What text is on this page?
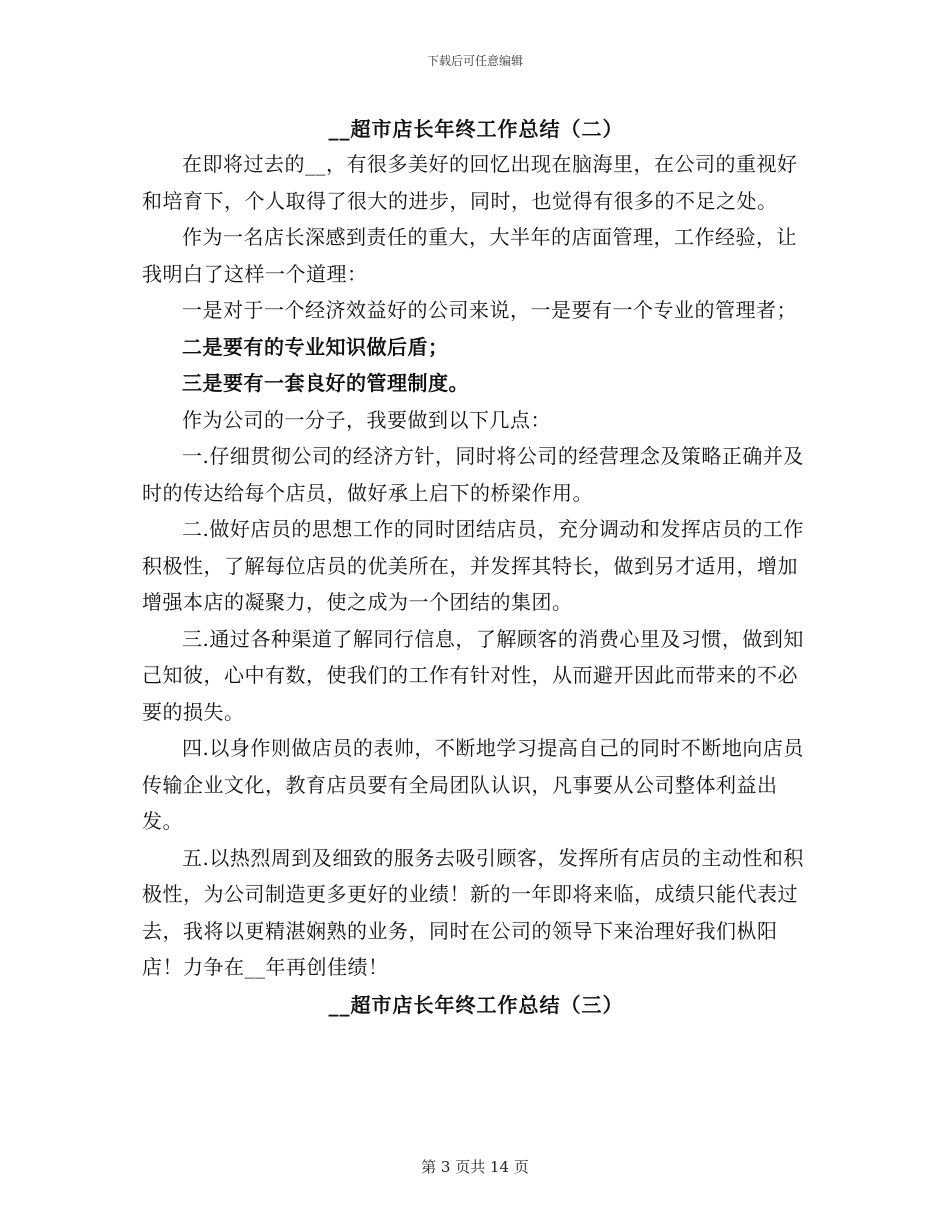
下载后可任意编辑
__超市店长年终工作总结（二）

在即将过去的__，有很多美好的回忆出现在脑海里，在公司的重视好和培育下，个人取得了很大的进步，同时，也觉得有很多的不足之处。

作为一名店长深感到责任的重大，大半年的店面管理，工作经验，让我明白了这样一个道理：

一是对于一个经济效益好的公司来说，一是要有一个专业的管理者；

二是要有的专业知识做后盾；

三是要有一套良好的管理制度。

作为公司的一分子，我要做到以下几点：

一.仔细贯彻公司的经济方针，同时将公司的经营理念及策略正确并及时的传达给每个店员，做好承上启下的桥梁作用。

二.做好店员的思想工作的同时团结店员，充分调动和发挥店员的工作积极性，了解每位店员的优美所在，并发挥其特长，做到另才适用，增加增强本店的凝聚力，使之成为一个团结的集团。

三.通过各种渠道了解同行信息，了解顾客的消费心里及习惯，做到知己知彼，心中有数，使我们的工作有针对性，从而避开因此而带来的不必要的损失。

四.以身作则做店员的表帅，不断地学习提高自己的同时不断地向店员传输企业文化，教育店员要有全局团队认识，凡事要从公司整体利益出发。

五.以热烈周到及细致的服务去吸引顾客，发挥所有店员的主动性和积极性，为公司制造更多更好的业绩！新的一年即将来临，成绩只能代表过去，我将以更精湛娴熟的业务，同时在公司的领导下来治理好我们枞阳店！力争在__年再创佳绩！

__超市店长年终工作总结（三）
第 3 页共 14 页
